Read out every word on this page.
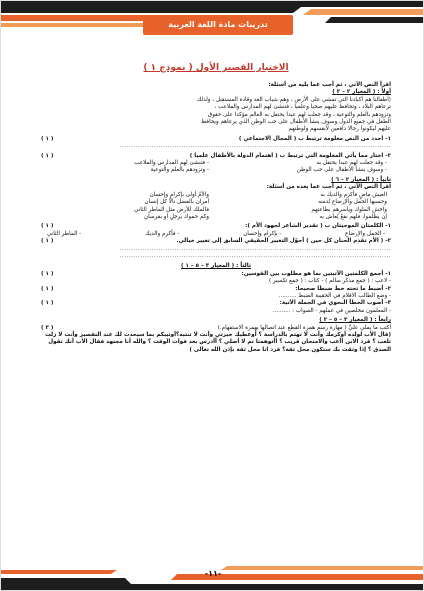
تدريبات مادة اللغة العربية
الاختبار القصير الأول ( نموذج ١ )
اقرأ النص الآتي ، ثم أجب عما يليه من أسئلة:
أولاً : ( المعيار ٢ – ٢ )
(أطفالنا هم أكبادنا التي تمشي على الأرض ، وهم شباب الغد وقادة المستقبل ، ولذلك
ترعاهم البلاد ، وتحافظ عليهم صحيا وعلميا ، فتنشئ لهم المدارس والملاعب ،
وتزودهم بالعلم والتوعية ، وقد جعلت لهم عيدا يحتفل به العالم مؤكدا على حقوق
الطفل في جميع الدول وسوف ينشأ الأطفال على حب الوطن الذي يرعاهم ويحافظ
عليهم ليكونوا رجالا دافعين لأنفسهم ولوطنهم
١- احدد من النص معلومة ترتبط ب ( المجال الاجتماعي )
( ١ )
.......................................................................................................................
٢- اختار مما يأتي المعلومة التي ترتبط ب ( اهتمام الدولة بالأطفال علميا )
( ١ )
- وقد جعلت لهم عيدا يحتفل به
- فتنشئ لهم المدارس والملاعب
- وسوف ينشأ الأطفال على حب الوطن
- وتزودهم بالعلم والتوعية
ثانياً : ( المعيار ٢ – ٦ )
اقرأ النص الآتي ، ثم أجب عما بعده من أسئلة:
العيش ماضٍ فأكرم والديك به
والأمُ أولى بإكرامٍ وإحسان
وحسبها الحمل والإرضاع تُدمنه
أمران بالفضل نالا كل إنسان
واخش الملوك وياسرهم بطاعتهم
فالملك للأرض مثل الماطر الثاني
إن يظلموا، فلهم نفعٌ يُعاش به
وكم حموك برجلٍ أو بفرسانِ
١- الكلمتان الموحيتان ب ( تقدير الشاعر لجهود الأم ):
( ١ )
- الحمل والإرضاع
- بإكرام وإحسان
- فأكرم والديك
- الماطر الثاني
٢- ( الأم تقدم الحنان كل حين ) أحوّل التعبير الحقيقي السابق إلى تعبير خيالي.
( ١ )
.......................................................................................................................
.......................................................................................................................
ثالثاً : ( المعيار ٣ – ٥ – ١ )
١- أجمع الكلمتين الآتيتين بما هو مطلوب بين القوسين:
( ١ )
- لاعب : ( جمع مذكر سالم ) - كتاب : ( جمع تكسير )
٢- أضبط ما تحته خط ضبطا صحيحا:
( ١ )
- وضع الطالب الاقلام في الحقيبة الضبط ..........
٣- أصوب الخطأ النحوي في الجملة الآتية:
( ١ )
- المعلمون مخلصين في عملهم - الصواب : ..........
رابعاً : ( المعيار ٣ – ٥ – ٢ )
أكتب ما يملي عليَّ ( مهارة رسم همزة القطع عند اتصالها بهمزة الاستفهام.)
( ٣ )
(قال الأب لولده أوكرمك وأنت لا تهتم بالدراسة ؟ أوعطيك خيرتي وأنت لا تنتبه؟أوتيبكم بما سيحدث لك عند التقصير وأنت لا زلت تلعب ؟ قرد الابن أأعب والامتحان قريب ؟ أأتوهمنا ثم لا أصلي ؟ أأدرس بعد فوات الوقت ؟ والله أنا مجتهد فقال الأب أنك تقول الصدق ؟ إذا وثقت بك ستكون محل ثقة؟ قرد انا محل ثقة بإذن الله تعالى )
-١١-
